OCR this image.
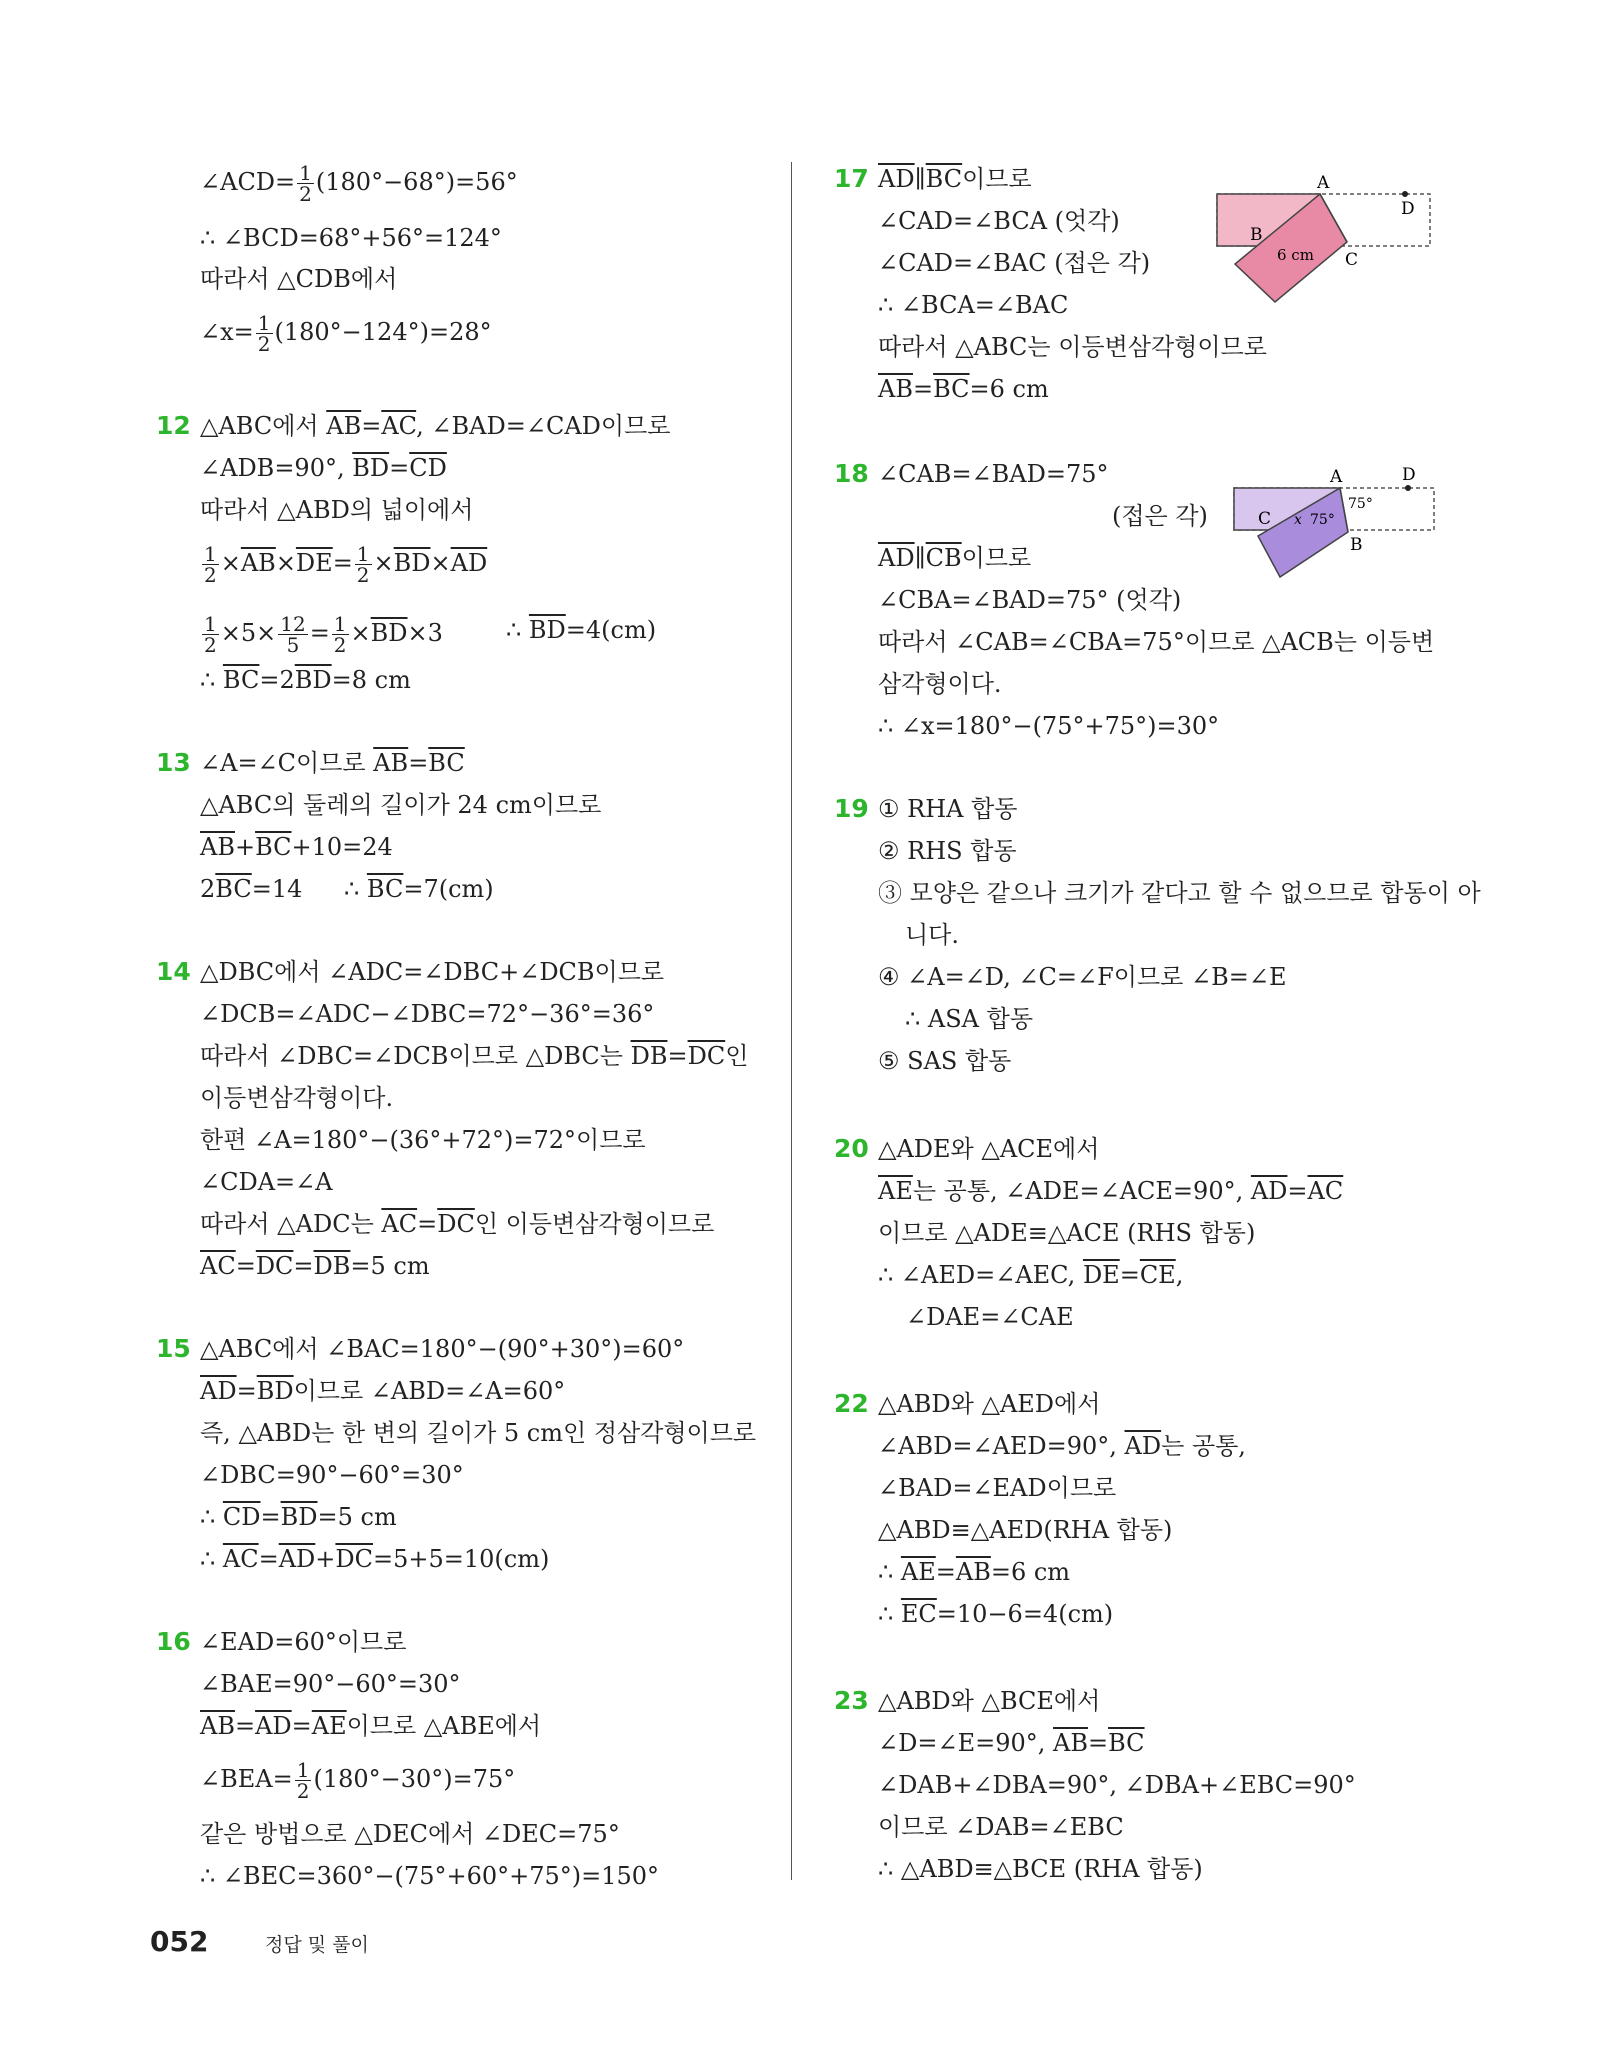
∠ACD= $\frac{1}{2} (180^\circ-68^\circ)=56^\circ$
∴ ∠BCD=68°+56°=124°
따라서 △CDB에서
∠x= $\frac{1}{2} (180^\circ-124^\circ)=28^\circ$
12 △ABC에서 $\overline{AB}=\overline{AC}$, ∠BAD=∠CAD이므로
∠ADB=90°, $\overline{BD}=\overline{CD}$
따라서 △ABD의 넓이에서
$\frac{1}{2} \times\overline{AB}\times\overline{DE}= \frac{1}{2} \times\overline{BD}\times\overline{AD}$
$\frac{1}{2} \times 5\times \frac{12}{5} = \frac{1}{2} \times\overline{BD}\times 3$	∴ $\overline{BD}=4(cm)$
∴ $\overline{BC}=2\overline{BD}=8$ cm
13 ∠A=∠C이므로 $\overline{AB}=\overline{BC}$
△ABC의 둘레의 길이가 24 cm이므로
$\overline{AB}+\overline{BC}+10=24$
$2\overline{BC}=14$ ∴ $\overline{BC}=7(cm)$
14 △DBC에서 ∠ADC=∠DBC+∠DCB이므로
∠DCB=∠ADC−∠DBC=72°−36°=36°
따라서 ∠DBC=∠DCB이므로 △DBC는 $\overline{DB}=\overline{DC}$인
이등변삼각형이다.
한편 ∠A=180°−(36°+72°)=72°이므로
∠CDA=∠A
따라서 △ADC는 $\overline{AC}=\overline{DC}$인 이등변삼각형이므로
$\overline{AC}=\overline{DC}=\overline{DB}=5$ cm
15 △ABC에서 ∠BAC=180°−(90°+30°)=60°
$\overline{AD}=\overline{BD}$이므로 ∠ABD=∠A=60°
즉, △ABD는 한 변의 길이가 5 cm인 정삼각형이므로
∠DBC=90°−60°=30°
∴ $\overline{CD}=\overline{BD}=5$ cm
∴ $\overline{AC}=\overline{AD}+\overline{DC}=5+5=10(cm)$
16 ∠EAD=60°이므로
∠BAE=90°−60°=30°
$\overline{AB}=\overline{AD}=\overline{AE}$이므로 △ABE에서
∠BEA= $\frac{1}{2} (180^\circ-30^\circ)=75^\circ$
같은 방법으로 △DEC에서 ∠DEC=75°
∴ ∠BEC=360°−(75°+60°+75°)=150°
17 $\overline{AD}\parallel\overline{BC}$이므로
∠CAD=∠BCA (엇각)
∠CAD=∠BAC (접은 각)
∴ ∠BCA=∠BAC
따라서 △ABC는 이등변삼각형이므로
$\overline{AB}=\overline{BC}=6$ cm
A
D
B
C
6 cm
18 ∠CAB=∠BAD=75°
(접은 각)
$\overline{AD}\parallel\overline{CB}$이므로
∠CBA=∠BAD=75° (엇각)
따라서 ∠CAB=∠CBA=75°이므로 △ACB는 이등변
삼각형이다.
∴ ∠x=180°−(75°+75°)=30°
A	D
C
B
75°
75°
x
19 ① RHA 합동
② RHS 합동
③ 모양은 같으나 크기가 같다고 할 수 없으므로 합동이 아
니다.
④ ∠A=∠D, ∠C=∠F이므로 ∠B=∠E
∴ ASA 합동
⑤ SAS 합동
20 △ADE와 △ACE에서
$\overline{AE}$는 공통, ∠ADE=∠ACE=90°, $\overline{AD}=\overline{AC}$
이므로 △ADE≡△ACE (RHS 합동)
∴ ∠AED=∠AEC, $\overline{DE}=\overline{CE}$,
∠DAE=∠CAE
22 △ABD와 △AED에서
∠ABD=∠AED=90°, $\overline{AD}$는 공통,
∠BAD=∠EAD이므로
△ABD≡△AED(RHA 합동)
∴ $\overline{AE}=\overline{AB}=6$ cm
∴ $\overline{EC}=10-6=4(cm)$
23 △ABD와 △BCE에서
∠D=∠E=90°, $\overline{AB}=\overline{BC}$
∠DAB+∠DBA=90°, ∠DBA+∠EBC=90°
이므로 ∠DAB=∠EBC
∴ △ABD≡△BCE (RHA 합동)
052	정답 및 풀이
